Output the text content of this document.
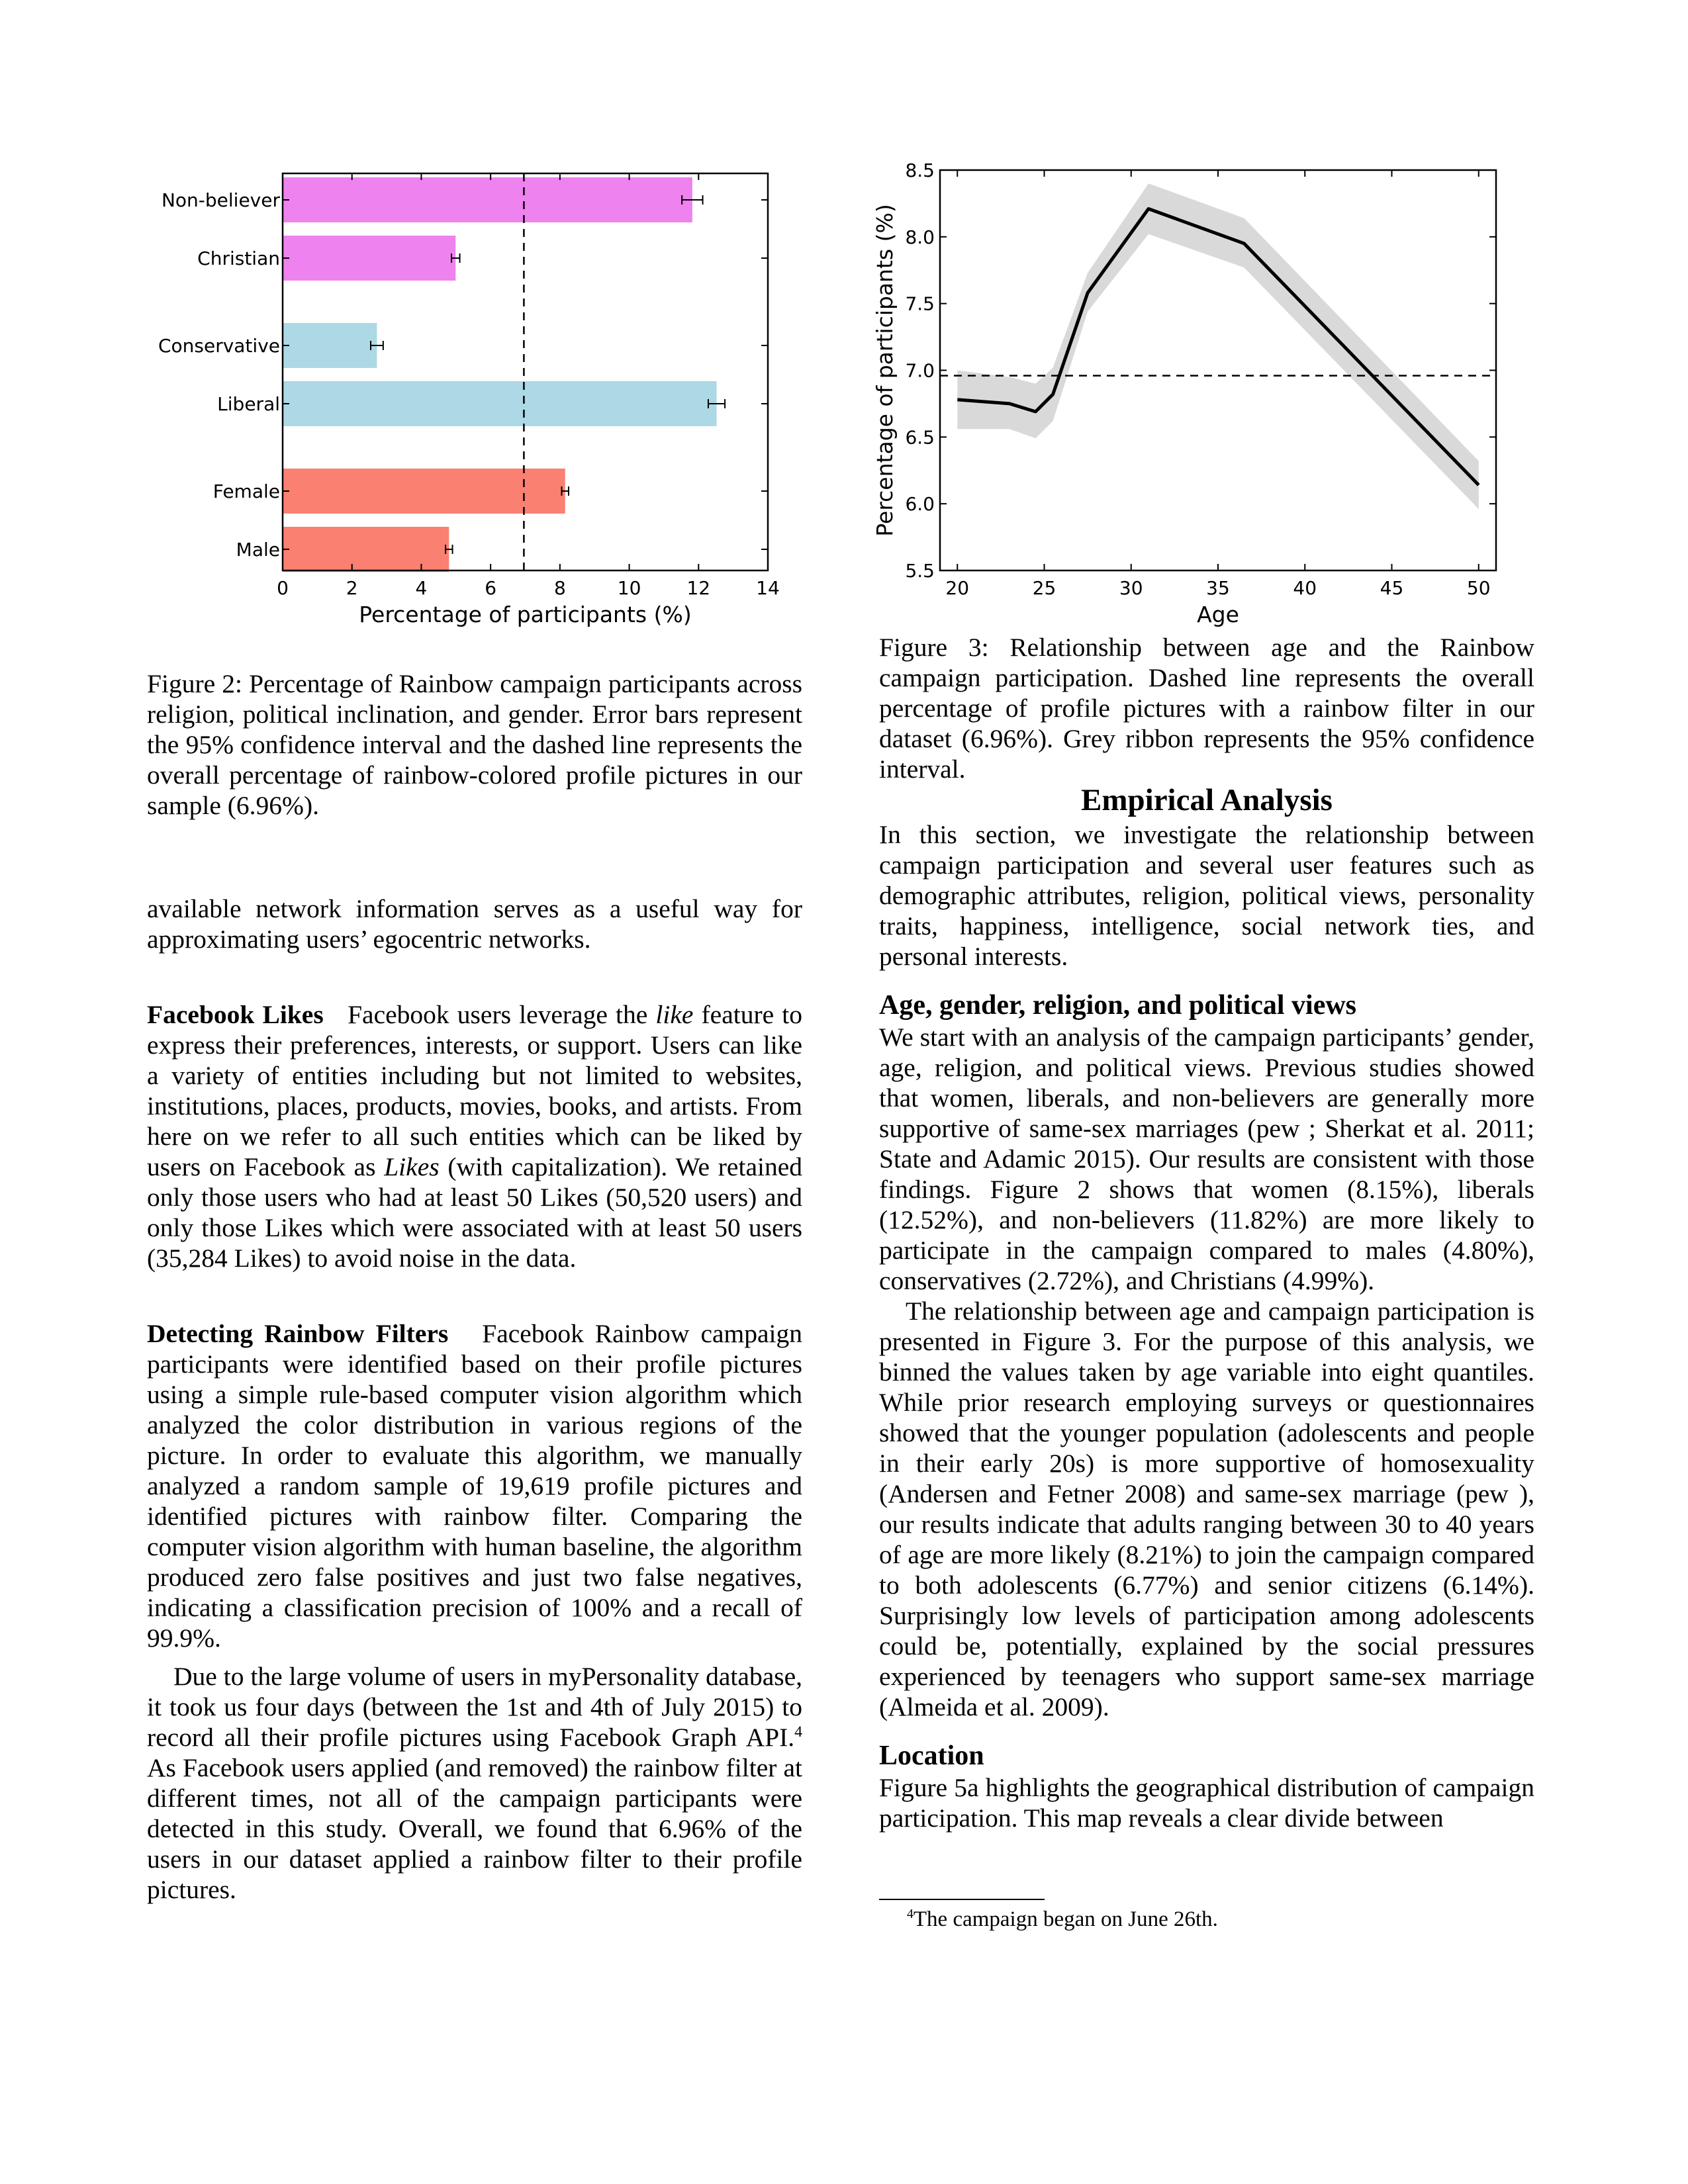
Non-believer
Christian
Conservative
Liberal
Female
Male
0	2	4	6	8	10 12 14
Percentage of participants (%)
20	25	30	35	40	45	50
5.5
6.0
6.5
7.0
7.5
8.0
8.5
Age
Percentage of participants (%)

Figure 2: Percentage of Rainbow campaign participants across religion, political inclination, and gender. Error bars represent the 95% confidence interval and the dashed line represents the overall percentage of rainbow-colored profile pictures in our sample (6.96%).

Figure 3: Relationship between age and the Rainbow campaign participation. Dashed line represents the overall percentage of profile pictures with a rainbow filter in our dataset (6.96%). Grey ribbon represents the 95% confidence interval.

available network information serves as a useful way for approximating users’ egocentric networks.

Facebook Likes Facebook users leverage the like feature to express their preferences, interests, or support. Users can like a variety of entities including but not limited to websites, institutions, places, products, movies, books, and artists. From here on we refer to all such entities which can be liked by users on Facebook as Likes (with capitalization). We retained only those users who had at least 50 Likes (50,520 users) and only those Likes which were associated with at least 50 users (35,284 Likes) to avoid noise in the data.

Detecting Rainbow Filters Facebook Rainbow campaign participants were identified based on their profile pictures using a simple rule-based computer vision algorithm which analyzed the color distribution in various regions of the picture. In order to evaluate this algorithm, we manually analyzed a random sample of 19,619 profile pictures and identified pictures with rainbow filter. Comparing the computer vision algorithm with human baseline, the algorithm produced zero false positives and just two false negatives, indicating a classification precision of 100% and a recall of 99.9%.

Due to the large volume of users in myPersonality database, it took us four days (between the 1st and 4th of July 2015) to record all their profile pictures using Facebook Graph API.$^4$ As Facebook users applied (and removed) the rainbow filter at different times, not all of the campaign participants were detected in this study. Overall, we found that 6.96% of the users in our dataset applied a rainbow filter to their profile pictures.

Empirical Analysis

In this section, we investigate the relationship between campaign participation and several user features such as demographic attributes, religion, political views, personality traits, happiness, intelligence, social network ties, and personal interests.

Age, gender, religion, and political views

We start with an analysis of the campaign participants’ gender, age, religion, and political views. Previous studies showed that women, liberals, and non-believers are generally more supportive of same-sex marriages (pew ; Sherkat et al. 2011; State and Adamic 2015). Our results are consistent with those findings. Figure 2 shows that women (8.15%), liberals (12.52%), and non-believers (11.82%) are more likely to participate in the campaign compared to males (4.80%), conservatives (2.72%), and Christians (4.99%).

The relationship between age and campaign participation is presented in Figure 3. For the purpose of this analysis, we binned the values taken by age variable into eight quantiles. While prior research employing surveys or questionnaires showed that the younger population (adolescents and people in their early 20s) is more supportive of homosexuality (Andersen and Fetner 2008) and same-sex marriage (pew ), our results indicate that adults ranging between 30 to 40 years of age are more likely (8.21%) to join the campaign compared to both adolescents (6.77%) and senior citizens (6.14%). Surprisingly low levels of participation among adolescents could be, potentially, explained by the social pressures experienced by teenagers who support same-sex marriage (Almeida et al. 2009).

Location

Figure 5a highlights the geographical distribution of campaign participation. This map reveals a clear divide between

$^4$The campaign began on June 26th.
